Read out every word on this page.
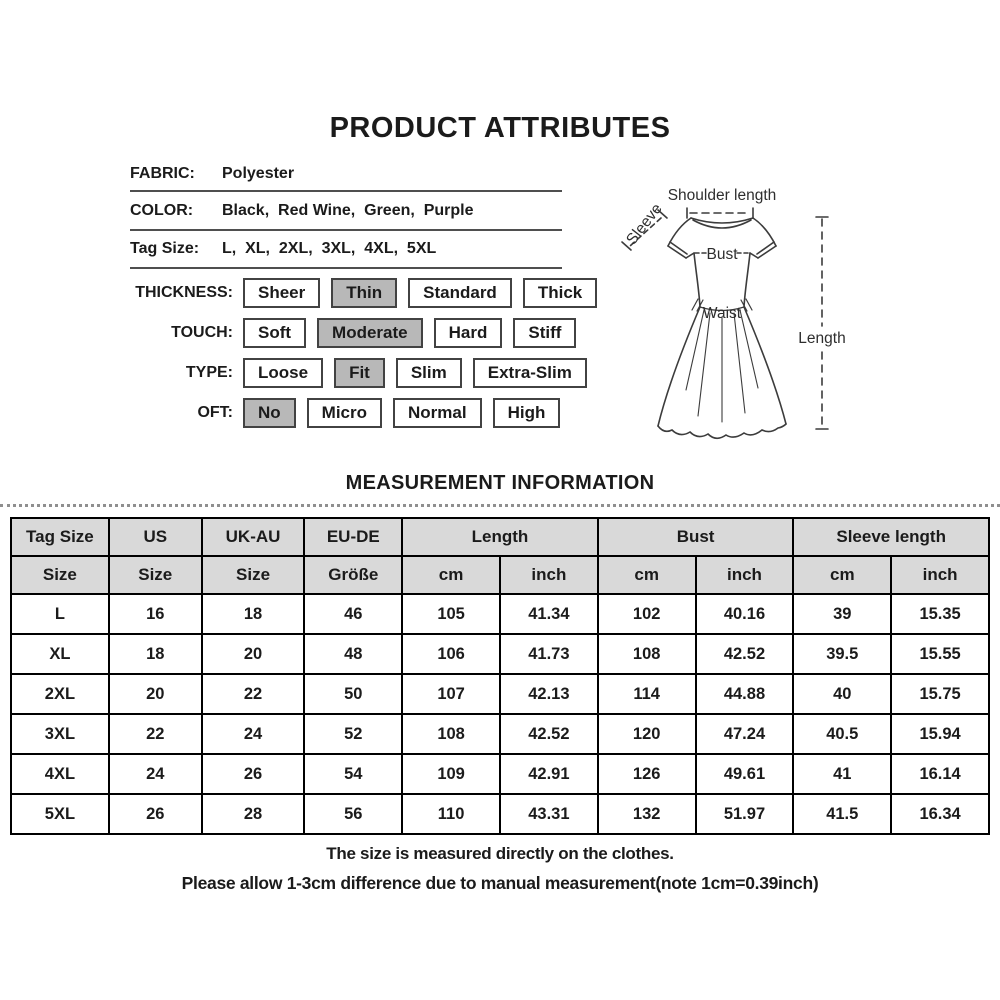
PRODUCT ATTRIBUTES
FABRIC:	Polyester
COLOR:	Black,  Red Wine,  Green,  Purple
Tag Size:	L,  XL,  2XL,  3XL,  4XL,  5XL
THICKNESS:	Sheer	Thin	Standard	Thick
TOUCH:	Soft	Moderate	Hard	Stiff
TYPE:	Loose	Fit	Slim	Extra-Slim
OFT:	No	Micro	Normal	High
Shoulder length
Sleeve
Bust
Waist
Length
MEASUREMENT INFORMATION
Tag Size	US	UK-AU	EU-DE	Length		Bust		Sleeve length	
Size	Size	Size	Größe	cm	inch	cm	inch	cm	inch
L	16	18	46	105	41.34	102	40.16	39	15.35
XL	18	20	48	106	41.73	108	42.52	39.5	15.55
2XL	20	22	50	107	42.13	114	44.88	40	15.75
3XL	22	24	52	108	42.52	120	47.24	40.5	15.94
4XL	24	26	54	109	42.91	126	49.61	41	16.14
5XL	26	28	56	110	43.31	132	51.97	41.5	16.34
The size is measured directly on the clothes.
Please allow 1-3cm difference due to manual measurement(note 1cm=0.39inch)
